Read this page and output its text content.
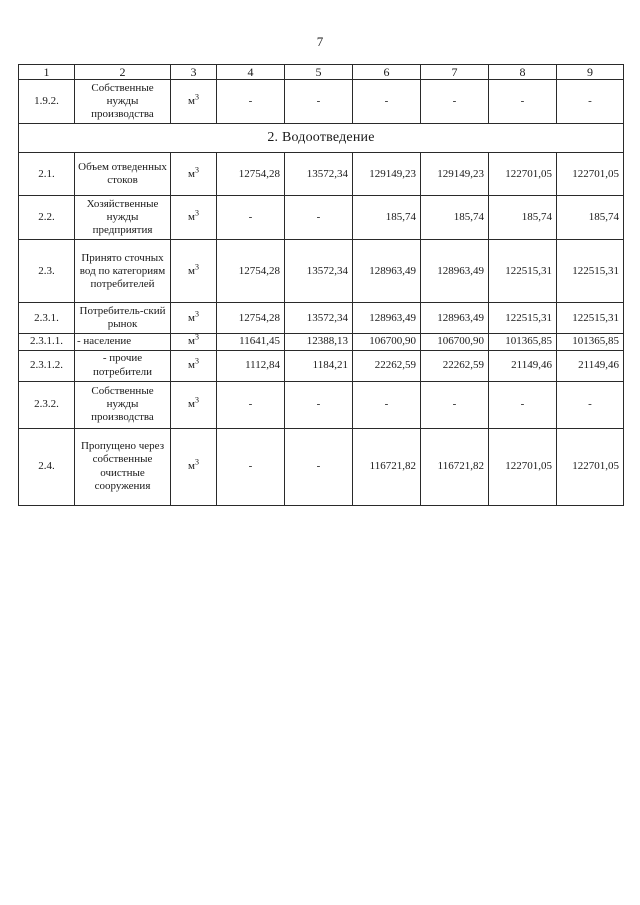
7
1	2	3	4	5	6	7	8	9
1.9.2.	Собственные нужды производства	$м^3$	-	-	-	-	-	-
2. Водоотведение								
2.1.	Объем отведенных стоков	$м^3$	12754,28	13572,34	129149,23	129149,23	122701,05	122701,05
2.2.	Хозяйственные нужды предприятия	$м^3$	-	-	185,74	185,74	185,74	185,74
2.3.	Принято сточных вод по категориям потребителей	$м^3$	12754,28	13572,34	128963,49	128963,49	122515,31	122515,31
2.3.1.	Потребитель-ский рынок	$м^3$	12754,28	13572,34	128963,49	128963,49	122515,31	122515,31
2.3.1.1.	- население	$м^3$	11641,45	12388,13	106700,90	106700,90	101365,85	101365,85
2.3.1.2.	- прочие потребители	$м^3$	1112,84	1184,21	22262,59	22262,59	21149,46	21149,46
2.3.2.	Собственные нужды производства	$м^3$	-	-	-	-	-	-
2.4.	Пропущено через собственные очистные сооружения	$м^3$	-	-	116721,82	116721,82	122701,05	122701,05
